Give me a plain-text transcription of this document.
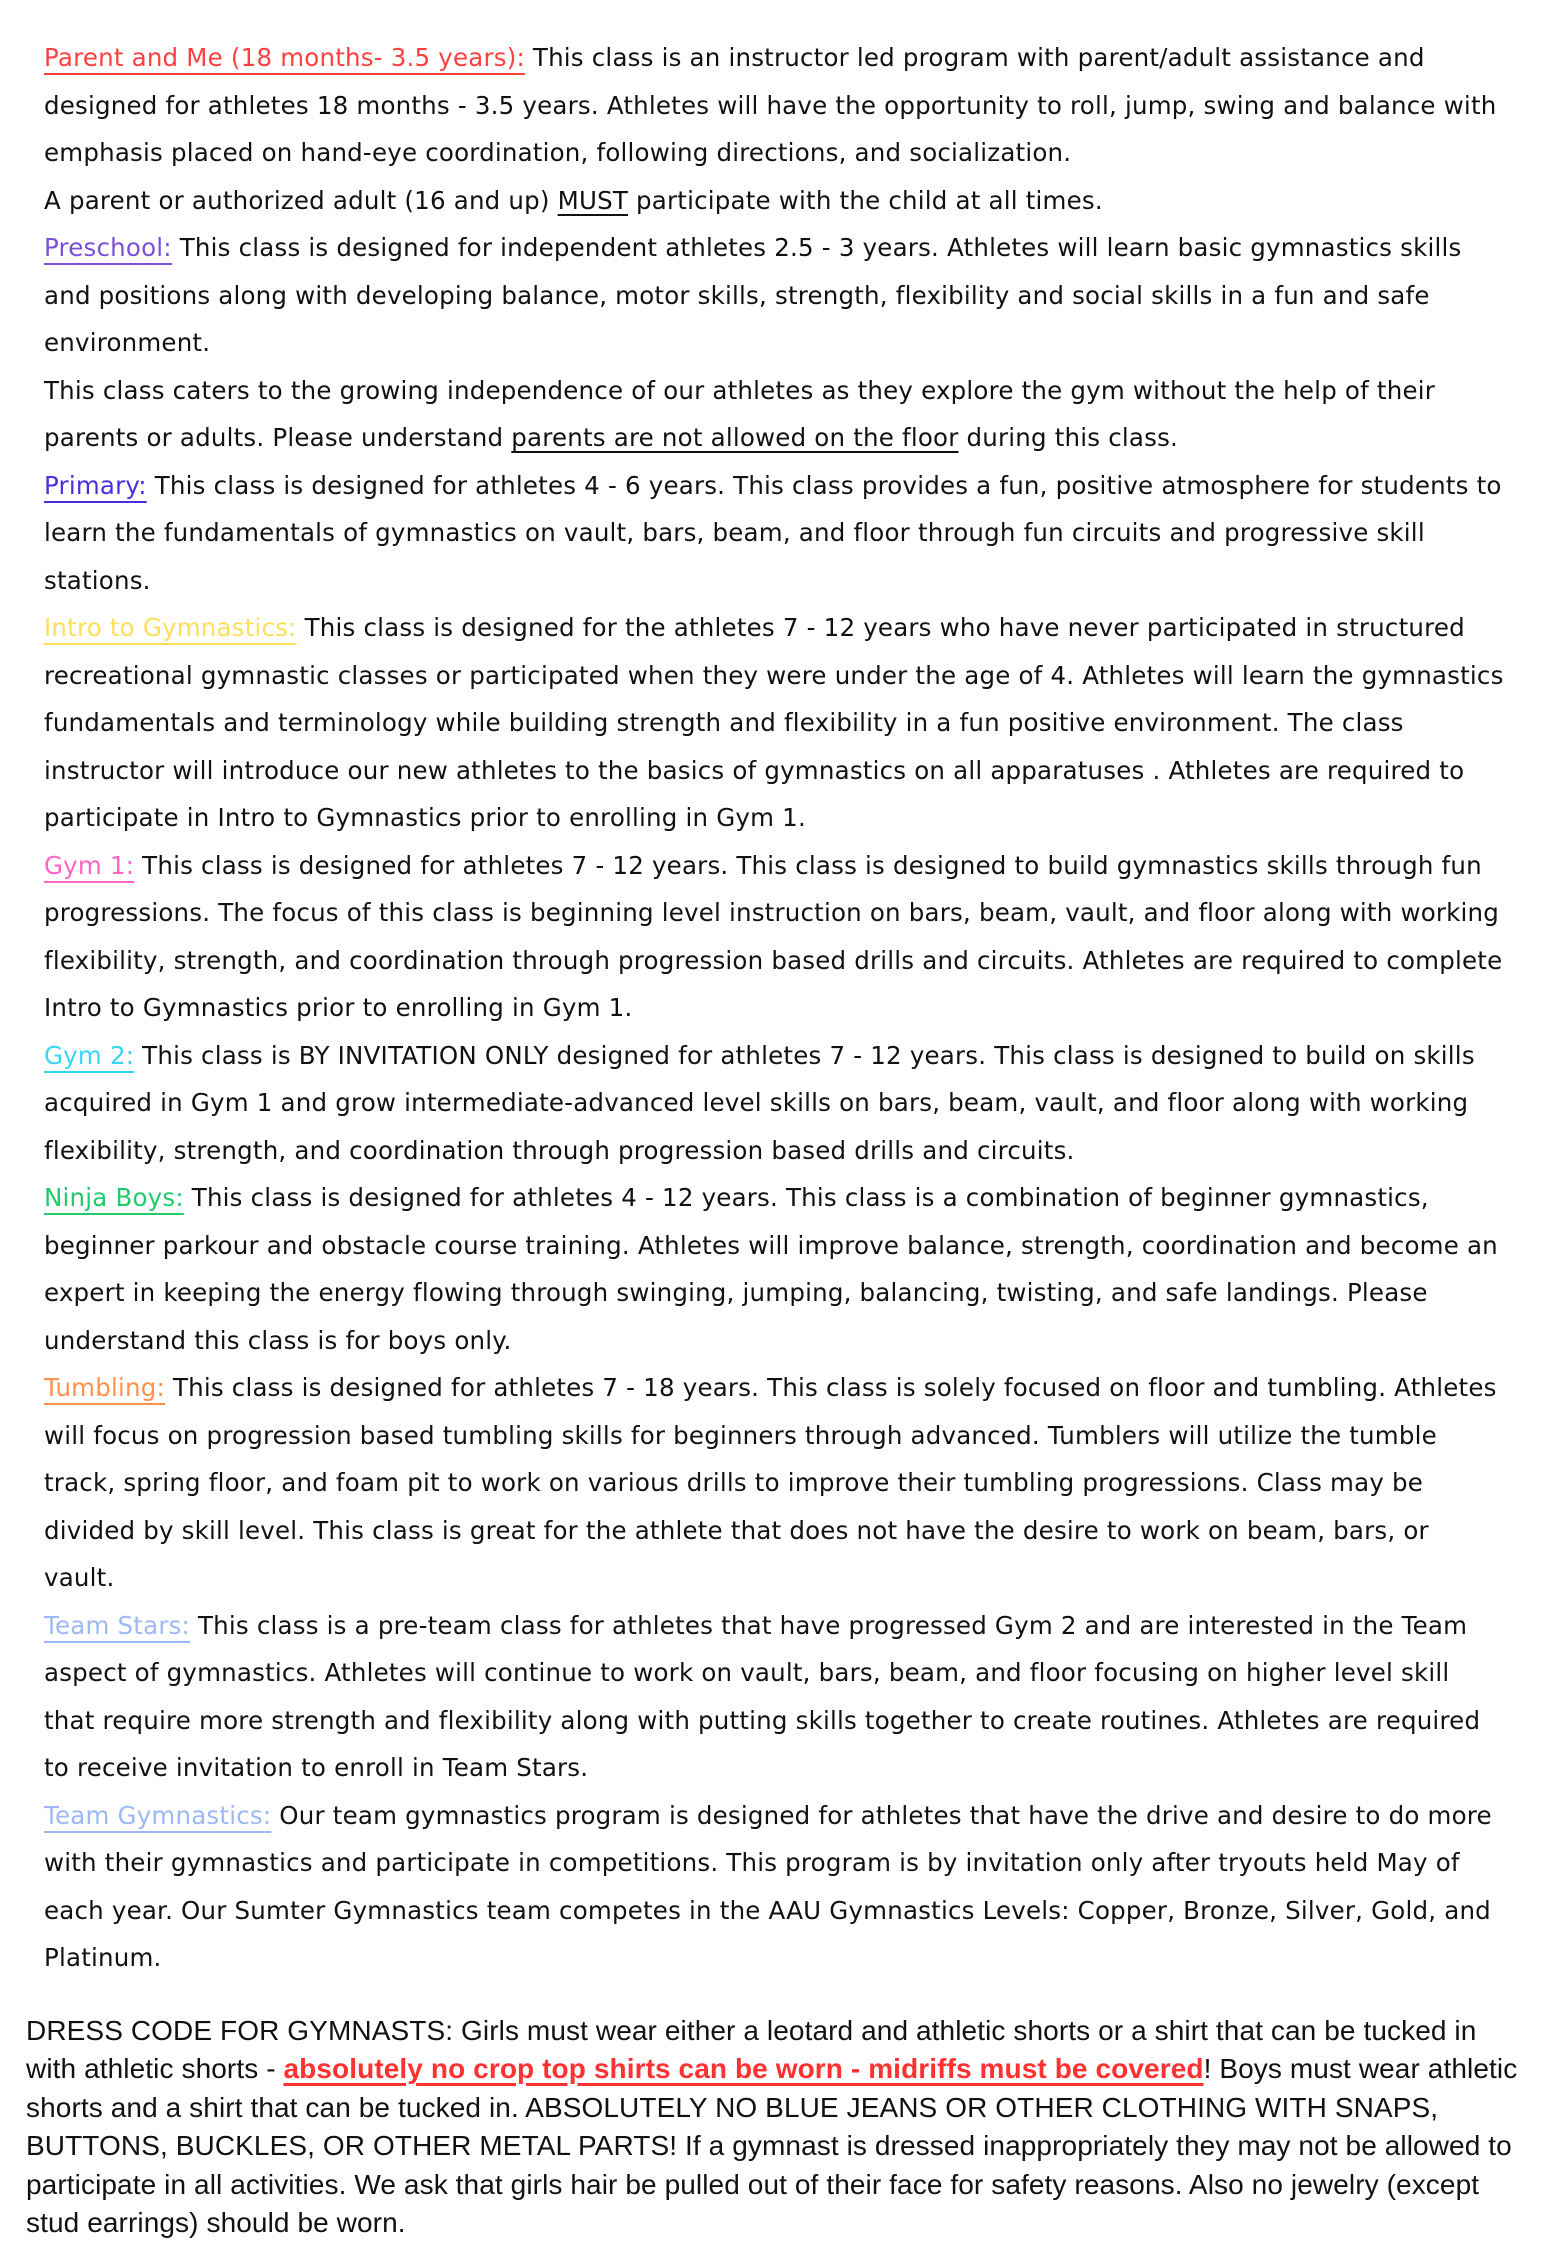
Parent and Me (18 months- 3.5 years): This class is an instructor led program with parent/adult assistance and designed for athletes 18 months - 3.5 years. Athletes will have the opportunity to roll, jump, swing and balance with emphasis placed on hand-eye coordination, following directions, and socialization.
A parent or authorized adult (16 and up) MUST participate with the child at all times.

Preschool: This class is designed for independent athletes 2.5 - 3 years. Athletes will learn basic gymnastics skills and positions along with developing balance, motor skills, strength, flexibility and social skills in a fun and safe environment.
This class caters to the growing independence of our athletes as they explore the gym without the help of their parents or adults. Please understand parents are not allowed on the floor during this class.

Primary: This class is designed for athletes 4 - 6 years. This class provides a fun, positive atmosphere for students to learn the fundamentals of gymnastics on vault, bars, beam, and floor through fun circuits and progressive skill stations.

Intro to Gymnastics: This class is designed for the athletes 7 - 12 years who have never participated in structured recreational gymnastic classes or participated when they were under the age of 4. Athletes will learn the gymnastics fundamentals and terminology while building strength and flexibility in a fun positive environment. The class instructor will introduce our new athletes to the basics of gymnastics on all apparatuses . Athletes are required to participate in Intro to Gymnastics prior to enrolling in Gym 1.

Gym 1: This class is designed for athletes 7 - 12 years. This class is designed to build gymnastics skills through fun progressions. The focus of this class is beginning level instruction on bars, beam, vault, and floor along with working flexibility, strength, and coordination through progression based drills and circuits. Athletes are required to complete Intro to Gymnastics prior to enrolling in Gym 1.

Gym 2: This class is BY INVITATION ONLY designed for athletes 7 - 12 years. This class is designed to build on skills acquired in Gym 1 and grow intermediate-advanced level skills on bars, beam, vault, and floor along with working flexibility, strength, and coordination through progression based drills and circuits.

Ninja Boys: This class is designed for athletes 4 - 12 years. This class is a combination of beginner gymnastics, beginner parkour and obstacle course training. Athletes will improve balance, strength, coordination and become an expert in keeping the energy flowing through swinging, jumping, balancing, twisting, and safe landings. Please understand this class is for boys only.

Tumbling: This class is designed for athletes 7 - 18 years. This class is solely focused on floor and tumbling. Athletes will focus on progression based tumbling skills for beginners through advanced. Tumblers will utilize the tumble track, spring floor, and foam pit to work on various drills to improve their tumbling progressions. Class may be divided by skill level. This class is great for the athlete that does not have the desire to work on beam, bars, or vault.

Team Stars: This class is a pre-team class for athletes that have progressed Gym 2 and are interested in the Team aspect of gymnastics. Athletes will continue to work on vault, bars, beam, and floor focusing on higher level skill that require more strength and flexibility along with putting skills together to create routines. Athletes are required to receive invitation to enroll in Team Stars.

Team Gymnastics: Our team gymnastics program is designed for athletes that have the drive and desire to do more with their gymnastics and participate in competitions. This program is by invitation only after tryouts held May of each year. Our Sumter Gymnastics team competes in the AAU Gymnastics Levels: Copper, Bronze, Silver, Gold, and Platinum.

DRESS CODE FOR GYMNASTS: Girls must wear either a leotard and athletic shorts or a shirt that can be tucked in with athletic shorts - absolutely no crop top shirts can be worn - midriffs must be covered! Boys must wear athletic shorts and a shirt that can be tucked in. ABSOLUTELY NO BLUE JEANS OR OTHER CLOTHING WITH SNAPS, BUTTONS, BUCKLES, OR OTHER METAL PARTS! If a gymnast is dressed inappropriately they may not be allowed to participate in all activities. We ask that girls hair be pulled out of their face for safety reasons. Also no jewelry (except stud earrings) should be worn.
